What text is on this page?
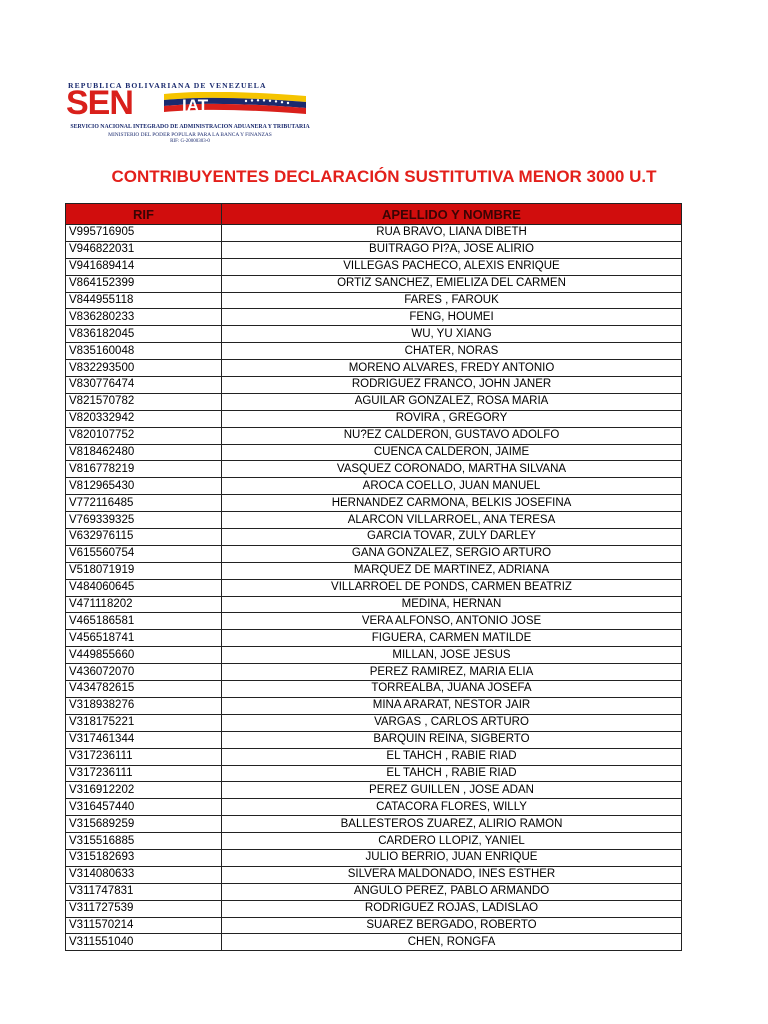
REPUBLICA BOLIVARIANA DE VENEZUELA
SEN	IAT
SERVICIO NACIONAL INTEGRADO DE ADMINISTRACION ADUANERA Y TRIBUTARIA
MINISTERIO DEL PODER POPULAR PARA LA BANCA Y FINANZAS
RIF: G-20000303-0
CONTRIBUYENTES DECLARACIÓN SUSTITUTIVA MENOR 3000 U.T
RIF	APELLIDO Y NOMBRE
V995716905	RUA BRAVO, LIANA DIBETH
V946822031	BUITRAGO PI?A, JOSE ALIRIO
V941689414	VILLEGAS PACHECO, ALEXIS ENRIQUE
V864152399	ORTIZ SANCHEZ, EMIELIZA DEL CARMEN
V844955118	FARES , FAROUK
V836280233	FENG, HOUMEI
V836182045	WU, YU XIANG
V835160048	CHATER, NORAS
V832293500	MORENO ALVARES, FREDY ANTONIO
V830776474	RODRIGUEZ FRANCO, JOHN JANER
V821570782	AGUILAR GONZALEZ, ROSA MARIA
V820332942	ROVIRA , GREGORY
V820107752	NU?EZ CALDERON, GUSTAVO ADOLFO
V818462480	CUENCA CALDERON, JAIME
V816778219	VASQUEZ CORONADO, MARTHA SILVANA
V812965430	AROCA COELLO, JUAN MANUEL
V772116485	HERNANDEZ CARMONA, BELKIS JOSEFINA
V769339325	ALARCON VILLARROEL, ANA TERESA
V632976115	GARCIA TOVAR, ZULY DARLEY
V615560754	GANA GONZALEZ, SERGIO ARTURO
V518071919	MARQUEZ DE MARTINEZ, ADRIANA
V484060645	VILLARROEL DE PONDS, CARMEN BEATRIZ
V471118202	MEDINA, HERNAN
V465186581	VERA ALFONSO, ANTONIO JOSE
V456518741	FIGUERA, CARMEN MATILDE
V449855660	MILLAN, JOSE JESUS
V436072070	PEREZ RAMIREZ, MARIA ELIA
V434782615	TORREALBA, JUANA JOSEFA
V318938276	MINA ARARAT, NESTOR JAIR
V318175221	VARGAS , CARLOS ARTURO
V317461344	BARQUIN REINA, SIGBERTO
V317236111	EL TAHCH , RABIE RIAD
V317236111	EL TAHCH , RABIE RIAD
V316912202	PEREZ GUILLEN , JOSE ADAN
V316457440	CATACORA FLORES, WILLY
V315689259	BALLESTEROS ZUAREZ, ALIRIO RAMON
V315516885	CARDERO LLOPIZ, YANIEL
V315182693	JULIO BERRIO, JUAN ENRIQUE
V314080633	SILVERA MALDONADO, INES ESTHER
V311747831	ANGULO PEREZ, PABLO ARMANDO
V311727539	RODRIGUEZ ROJAS, LADISLAO
V311570214	SUAREZ BERGADO, ROBERTO
V311551040	CHEN, RONGFA
